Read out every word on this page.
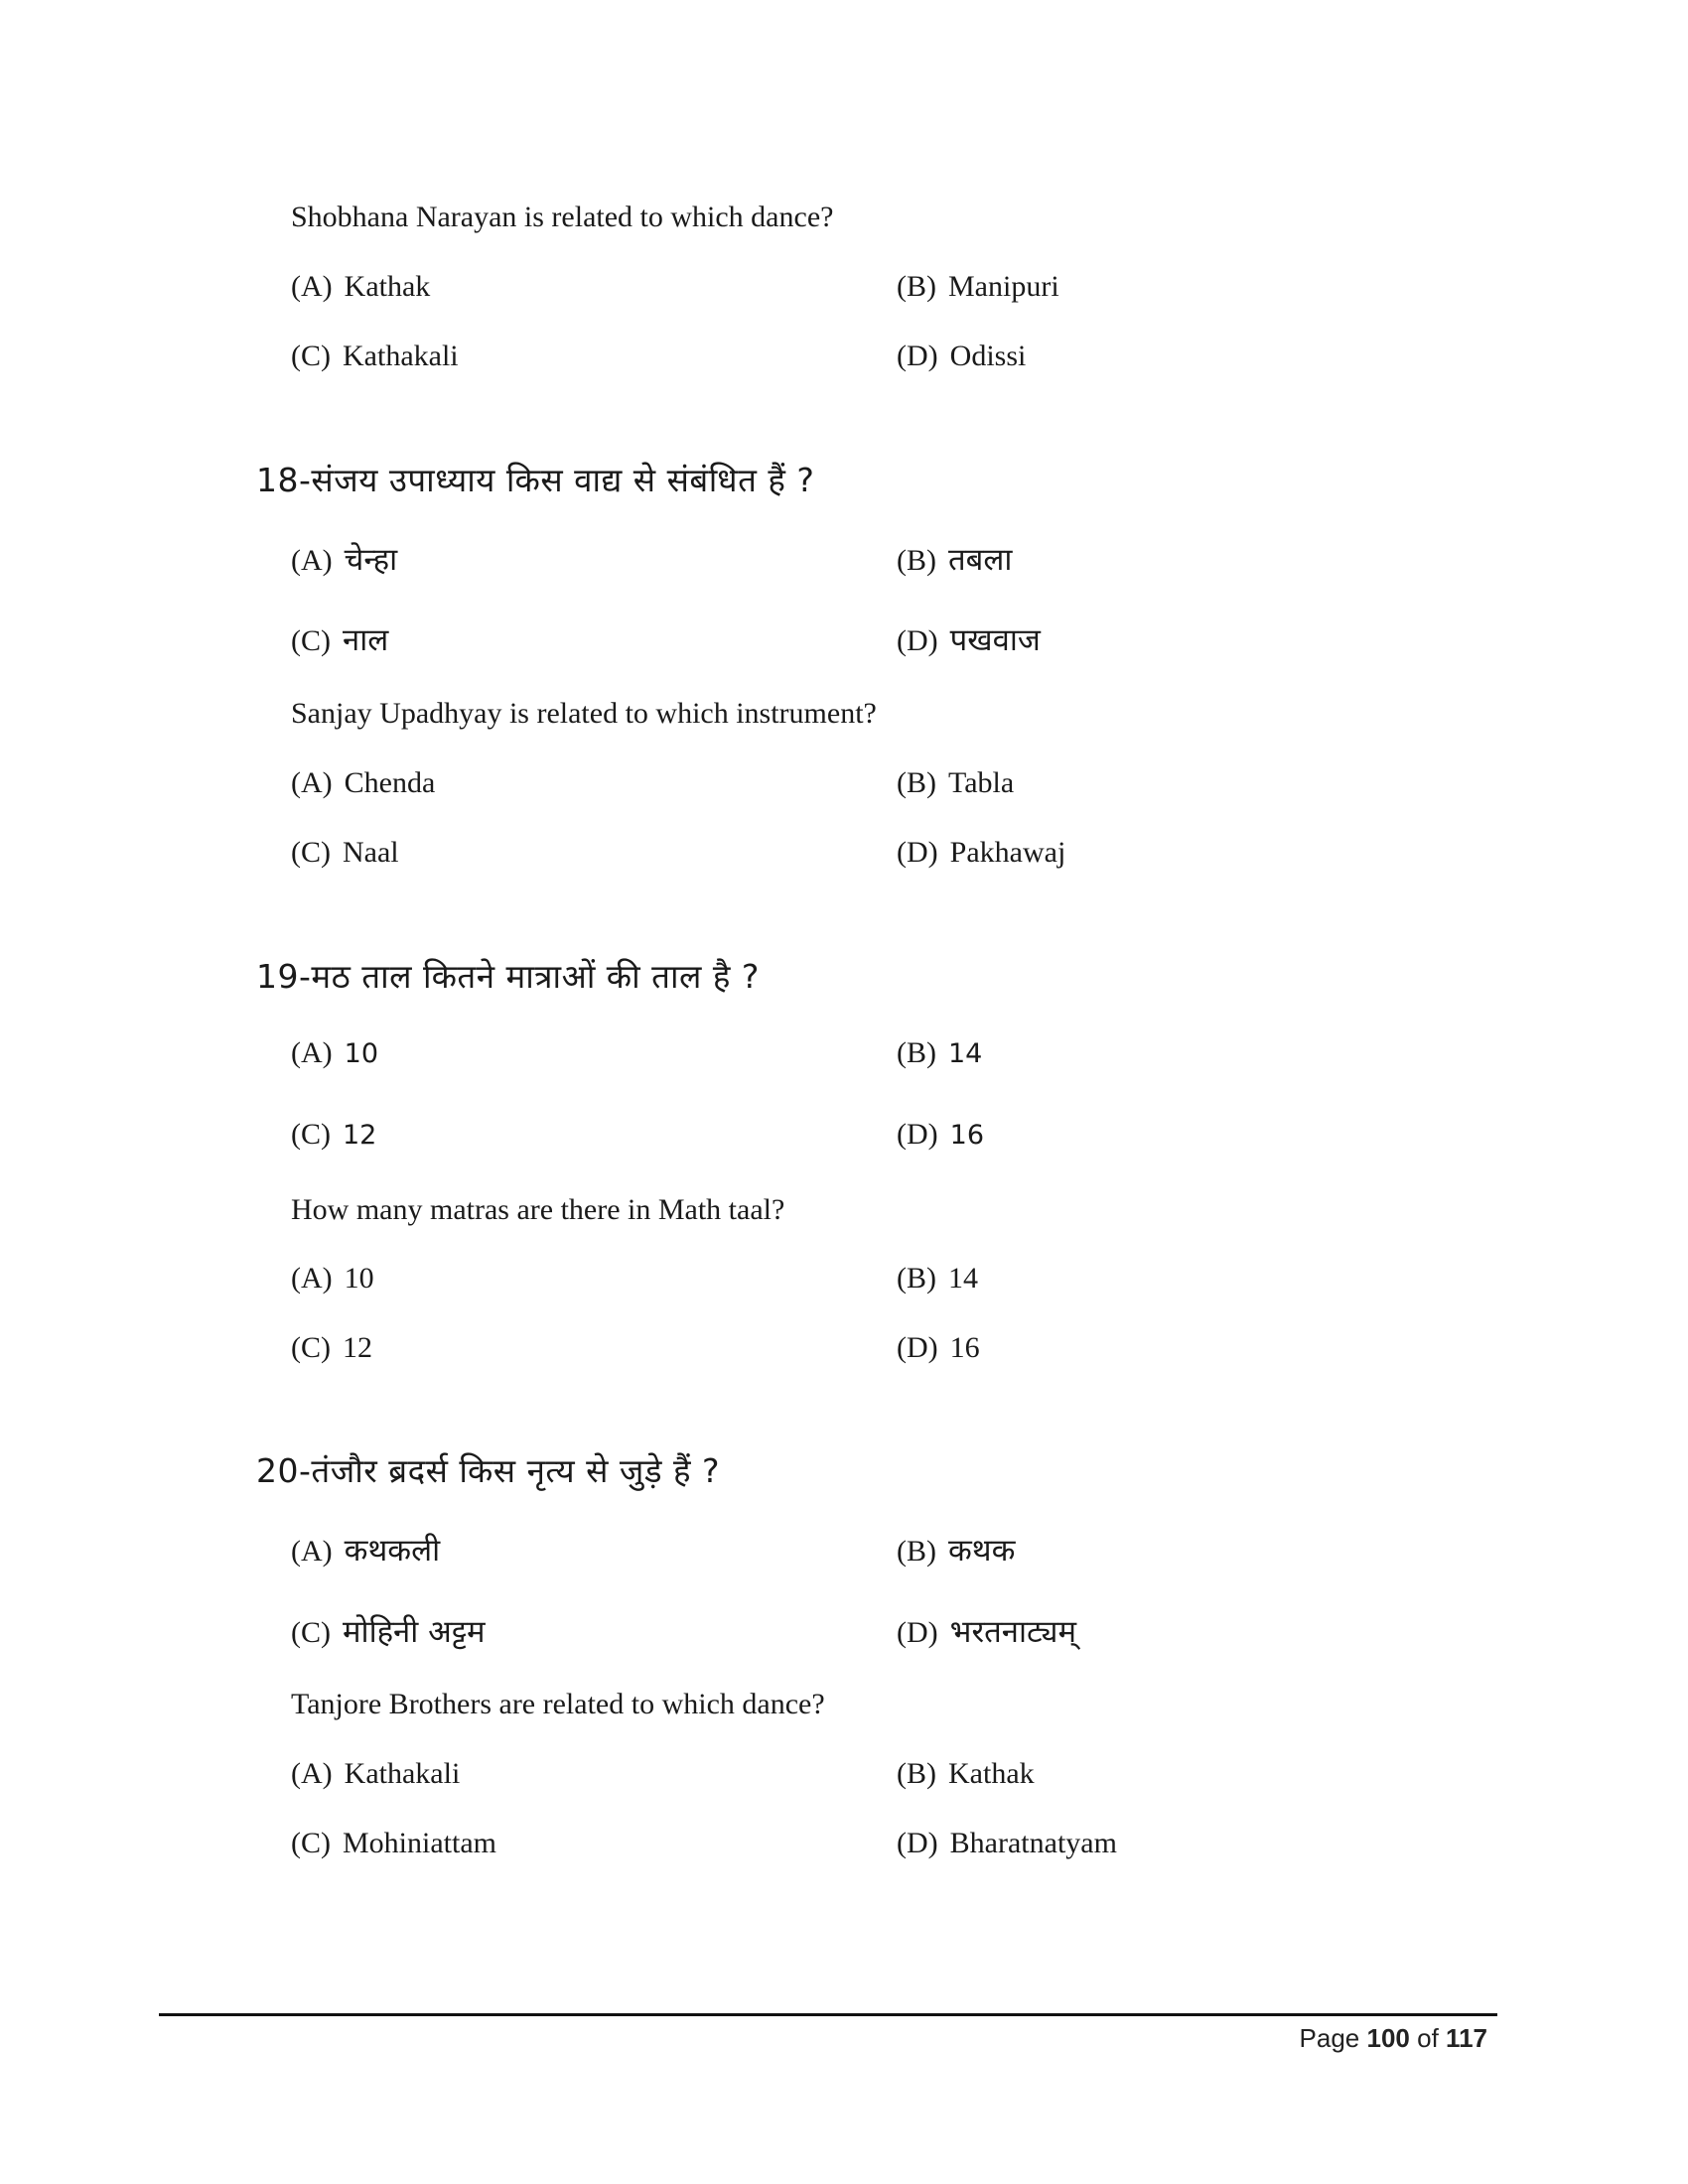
Shobhana Narayan is related to which dance?
(A) Kathak	(B) Manipuri
(C) Kathakali	(D) Odissi
18-संजय उपाध्याय किस वाद्य से संबंधित हैं ?
(A) चेन्हा	(B) तबला
(C) नाल	(D) पखवाज
Sanjay Upadhyay is related to which instrument?
(A) Chenda	(B) Tabla
(C) Naal	(D) Pakhawaj
19-मठ ताल कितने मात्राओं की ताल है ?
(A) 10	(B) 14
(C) 12	(D) 16
How many matras are there in Math taal?
(A) 10	(B) 14
(C) 12	(D) 16
20-तंजौर ब्रदर्स किस नृत्य से जुड़े हैं ?
(A) कथकली	(B) कथक
(C) मोहिनी अट्टम	(D) भरतनाट्यम्
Tanjore Brothers are related to which dance?
(A) Kathakali	(B) Kathak
(C) Mohiniattam	(D) Bharatnatyam
Page 100 of 117
